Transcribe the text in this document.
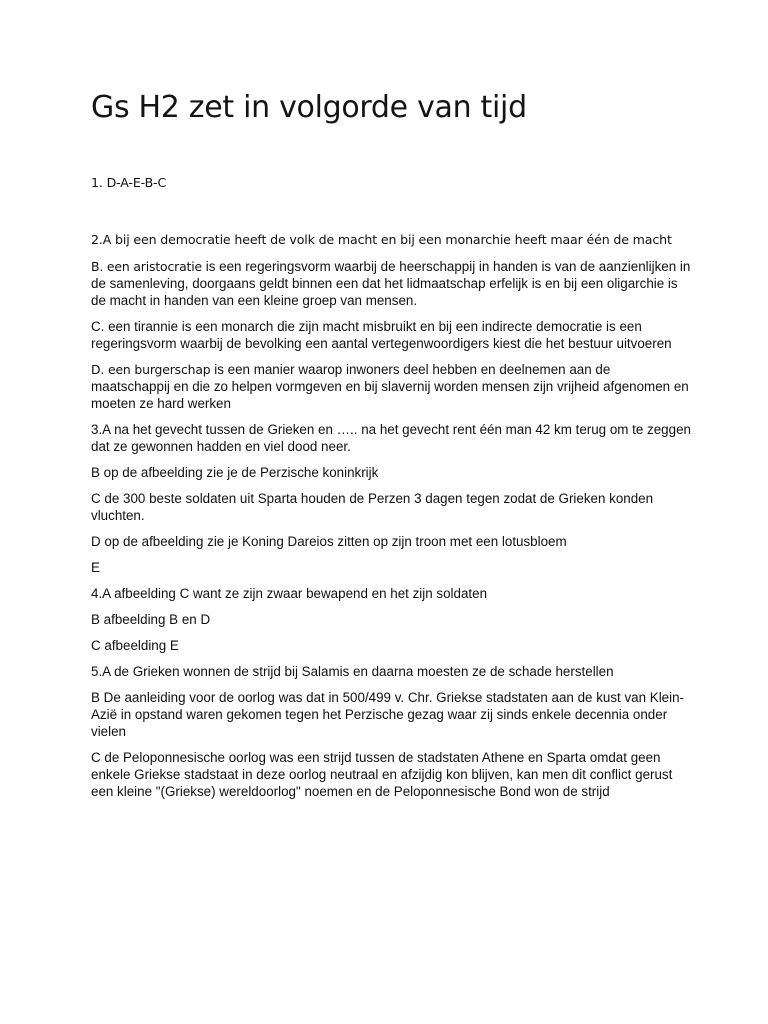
Gs H2 zet in volgorde van tijd

1. D-A-E-B-C

2.A bij een democratie heeft de volk de macht en bij een monarchie heeft maar één de macht

B. een aristocratie is een regeringsvorm waarbij de heerschappij in handen is van de aanzienlijken in de samenleving, doorgaans geldt binnen een dat het lidmaatschap erfelijk is en bij een oligarchie is de macht in handen van een kleine groep van mensen.

C. een tirannie is een monarch die zijn macht misbruikt en bij een indirecte democratie is een regeringsvorm waarbij de bevolking een aantal vertegenwoordigers kiest die het bestuur uitvoeren

D. een burgerschap is een manier waarop inwoners deel hebben en deelnemen aan de maatschappij en die zo helpen vormgeven en bij slavernij worden mensen zijn vrijheid afgenomen en moeten ze hard werken

3.A na het gevecht tussen de Grieken en ….. na het gevecht rent één man 42 km terug om te zeggen dat ze gewonnen hadden en viel dood neer.

B op de afbeelding zie je de Perzische koninkrijk

C de 300 beste soldaten uit Sparta houden de Perzen 3 dagen tegen zodat de Grieken konden vluchten.

D op de afbeelding zie je Koning Dareios zitten op zijn troon met een lotusbloem

E

4.A afbeelding C want ze zijn zwaar bewapend en het zijn soldaten

B afbeelding B en D

C afbeelding E

5.A de Grieken wonnen de strijd bij Salamis en daarna moesten ze de schade herstellen

B De aanleiding voor de oorlog was dat in 500/499 v. Chr. Griekse stadstaten aan de kust van Klein-Azië in opstand waren gekomen tegen het Perzische gezag waar zij sinds enkele decennia onder vielen

C de Peloponnesische oorlog was een strijd tussen de stadstaten Athene en Sparta omdat geen enkele Griekse stadstaat in deze oorlog neutraal en afzijdig kon blijven, kan men dit conflict gerust een kleine "(Griekse) wereldoorlog" noemen en de Peloponnesische Bond won de strijd
